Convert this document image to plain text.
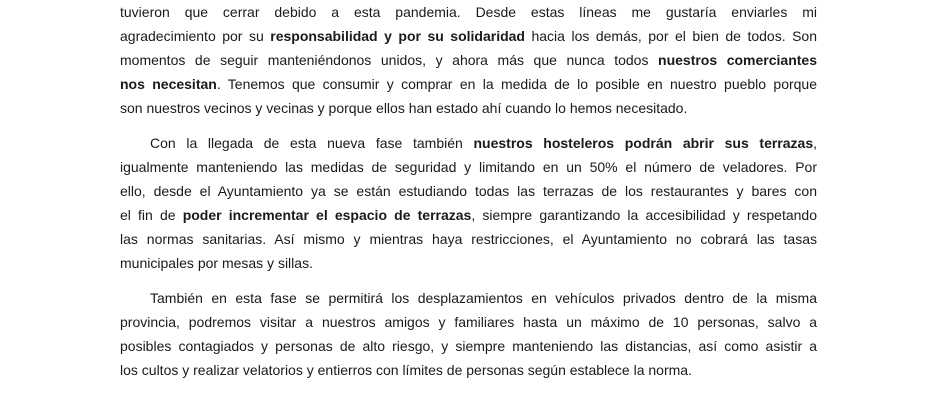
tuvieron que cerrar debido a esta pandemia. Desde estas líneas me gustaría enviarles mi
agradecimiento por su responsabilidad y por su solidaridad hacia los demás, por el bien de todos. Son
momentos de seguir manteniéndonos unidos, y ahora más que nunca todos nuestros comerciantes
nos necesitan. Tenemos que consumir y comprar en la medida de lo posible en nuestro pueblo porque
son nuestros vecinos y vecinas y porque ellos han estado ahí cuando lo hemos necesitado.
Con la llegada de esta nueva fase también nuestros hosteleros podrán abrir sus terrazas,
igualmente manteniendo las medidas de seguridad y limitando en un 50% el número de veladores. Por
ello, desde el Ayuntamiento ya se están estudiando todas las terrazas de los restaurantes y bares con
el fin de poder incrementar el espacio de terrazas, siempre garantizando la accesibilidad y respetando
las normas sanitarias. Así mismo y mientras haya restricciones, el Ayuntamiento no cobrará las tasas
municipales por mesas y sillas.
También en esta fase se permitirá los desplazamientos en vehículos privados dentro de la misma
provincia, podremos visitar a nuestros amigos y familiares hasta un máximo de 10 personas, salvo a
posibles contagiados y personas de alto riesgo, y siempre manteniendo las distancias, así como asistir a
los cultos y realizar velatorios y entierros con límites de personas según establece la norma.
